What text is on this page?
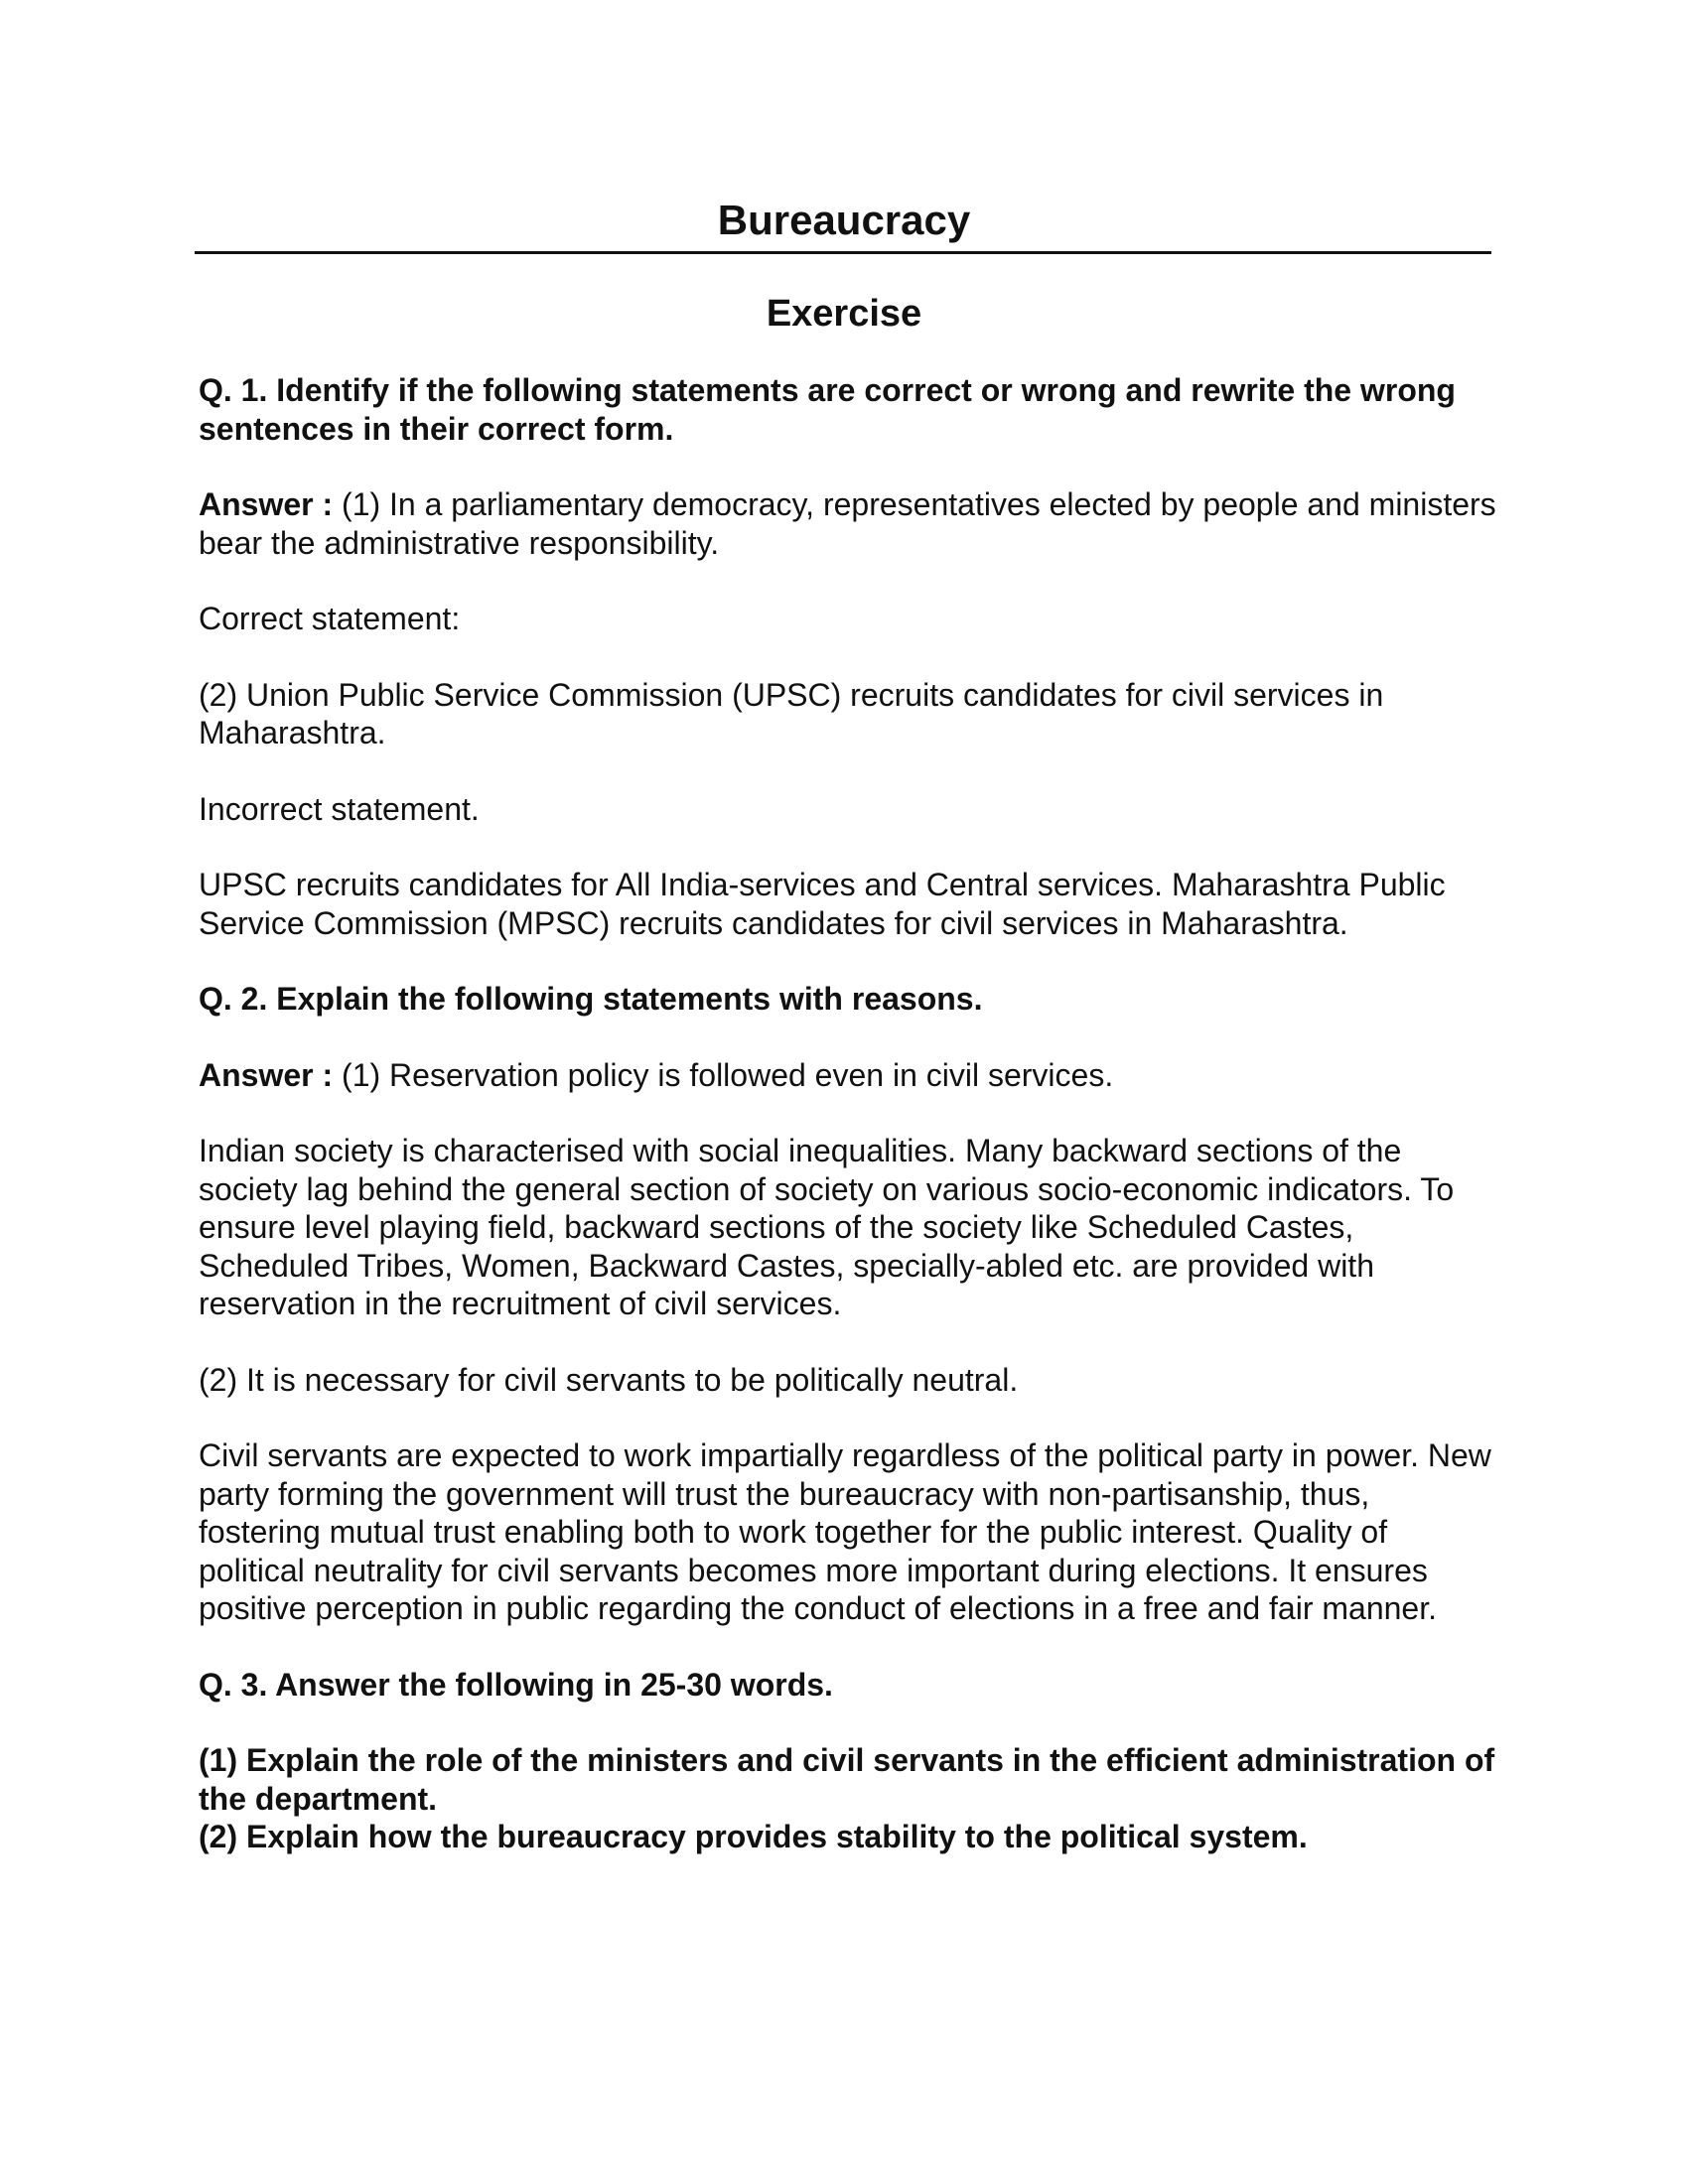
Bureaucracy
Exercise

Q. 1. Identify if the following statements are correct or wrong and rewrite the wrong sentences in their correct form.

Answer : (1) In a parliamentary democracy, representatives elected by people and ministers bear the administrative responsibility.

Correct statement:

(2) Union Public Service Commission (UPSC) recruits candidates for civil services in Maharashtra.

Incorrect statement.

UPSC recruits candidates for All India-services and Central services. Maharashtra Public Service Commission (MPSC) recruits candidates for civil services in Maharashtra.

Q. 2. Explain the following statements with reasons.

Answer : (1) Reservation policy is followed even in civil services.

Indian society is characterised with social inequalities. Many backward sections of the society lag behind the general section of society on various socio-economic indicators. To ensure level playing field, backward sections of the society like Scheduled Castes, Scheduled Tribes, Women, Backward Castes, specially-abled etc. are provided with reservation in the recruitment of civil services.

(2) It is necessary for civil servants to be politically neutral.

Civil servants are expected to work impartially regardless of the political party in power. New party forming the government will trust the bureaucracy with non-partisanship, thus, fostering mutual trust enabling both to work together for the public interest. Quality of political neutrality for civil servants becomes more important during elections. It ensures positive perception in public regarding the conduct of elections in a free and fair manner.

Q. 3. Answer the following in 25-30 words.

(1) Explain the role of the ministers and civil servants in the efficient administration of the department.

(2) Explain how the bureaucracy provides stability to the political system.
